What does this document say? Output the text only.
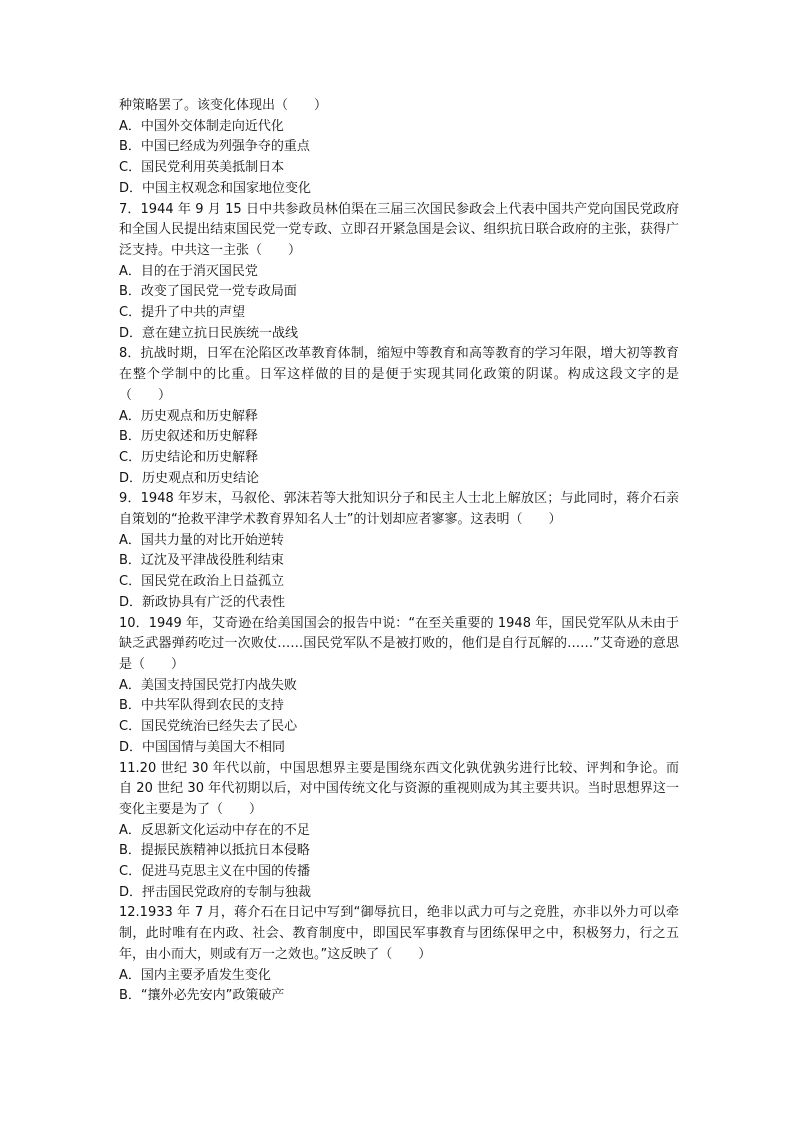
种策略罢了。该变化体现出（　　）
A．中国外交体制走向近代化
B．中国已经成为列强争夺的重点
C．国民党利用英美抵制日本
D．中国主权观念和国家地位变化
7．1944 年 9 月 15 日中共参政员林伯渠在三届三次国民参政会上代表中国共产党向国民党政府和全国人民提出结束国民党一党专政、立即召开紧急国是会议、组织抗日联合政府的主张，获得广泛支持。中共这一主张（　　）
A．目的在于消灭国民党
B．改变了国民党一党专政局面
C．提升了中共的声望
D．意在建立抗日民族统一战线
8．抗战时期，日军在沦陷区改革教育体制，缩短中等教育和高等教育的学习年限，增大初等教育在整个学制中的比重。日军这样做的目的是便于实现其同化政策的阴谋。构成这段文字的是（　　）
A．历史观点和历史解释
B．历史叙述和历史解释
C．历史结论和历史解释
D．历史观点和历史结论
9．1948 年岁末，马叙伦、郭沫若等大批知识分子和民主人士北上解放区；与此同时，蒋介石亲自策划的“抢救平津学术教育界知名人士”的计划却应者寥寥。这表明（　　）
A．国共力量的对比开始逆转
B．辽沈及平津战役胜利结束
C．国民党在政治上日益孤立
D．新政协具有广泛的代表性
10．1949 年，艾奇逊在给美国国会的报告中说：“在至关重要的 1948 年，国民党军队从未由于缺乏武器弹药吃过一次败仗……国民党军队不是被打败的，他们是自行瓦解的……”艾奇逊的意思是（　　）
A．美国支持国民党打内战失败
B．中共军队得到农民的支持
C．国民党统治已经失去了民心
D．中国国情与美国大不相同
11.20 世纪 30 年代以前，中国思想界主要是围绕东西文化孰优孰劣进行比较、评判和争论。而自 20 世纪 30 年代初期以后，对中国传统文化与资源的重视则成为其主要共识。当时思想界这一变化主要是为了（　　）
A．反思新文化运动中存在的不足
B．提振民族精神以抵抗日本侵略
C．促进马克思主义在中国的传播
D．抨击国民党政府的专制与独裁
12.1933 年 7 月，蒋介石在日记中写到“御辱抗日，绝非以武力可与之竞胜，亦非以外力可以牵制，此时唯有在内政、社会、教育制度中，即国民军事教育与团练保甲之中，积极努力，行之五年，由小而大，则或有万一之效也。”这反映了（　　）
A．国内主要矛盾发生变化
B．“攘外必先安内”政策破产
